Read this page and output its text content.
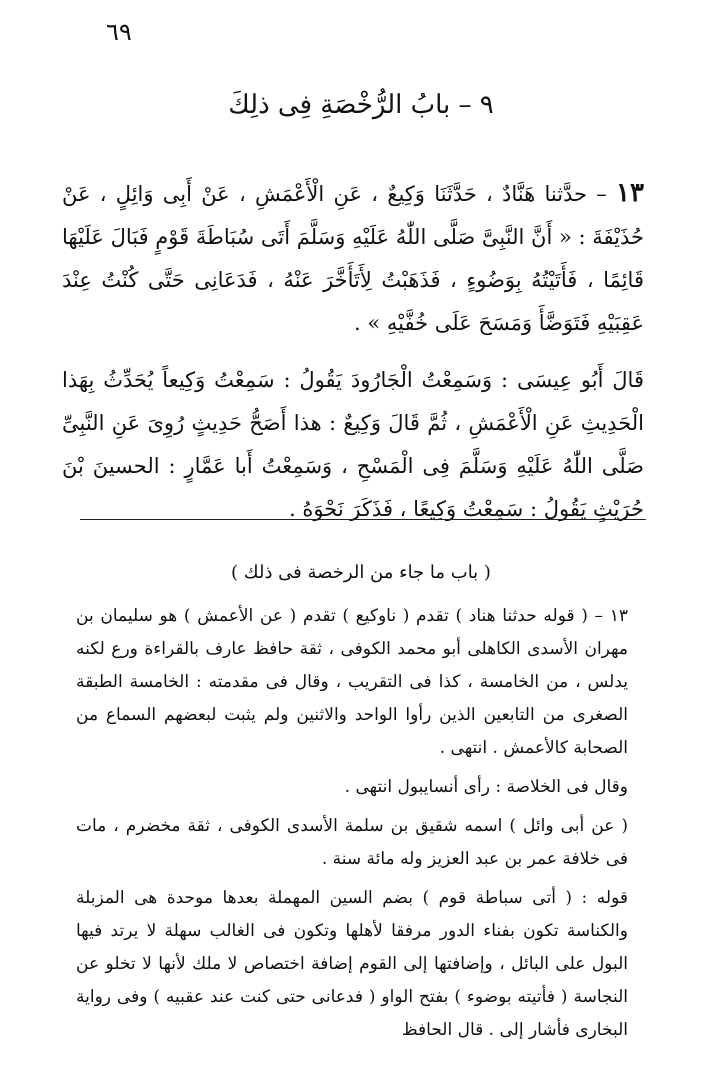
٦٩
٩ – بابُ الرُّخْصَةِ فِى ذلِكَ

١٣ – حدَّثنا هَنَّادٌ ، حَدَّثَنَا وَكِيعٌ ، عَنِ الْأَعْمَشِ ، عَنْ أَبِى وَائِلٍ ، عَنْ حُذَيْفَةَ : « أَنَّ النَّبِىَّ صَلَّى اللّٰهُ عَلَيْهِ وَسَلَّمَ أَتَى سُبَاطَةَ قَوْمٍ فَبَالَ عَلَيْهَا قَائِمًا ، فَأَتَيْتُهُ بِوَضُوءٍ ، فَذَهَبْتُ لِأَتَأَخَّرَ عَنْهُ ، فَدَعَانِى حَتَّى كُنْتُ عِنْدَ عَقِبَيْهِ فَتَوَضَّأَ وَمَسَحَ عَلَى خُفَّيْهِ » .

قَالَ أَبُو عِيسَى : وَسَمِعْتُ الْجَارُودَ يَقُولُ : سَمِعْتُ وَكِيعاً يُحَدِّثُ بِهَذا الْحَدِيثِ عَنِ الْأَعْمَشِ ، ثُمَّ قَالَ وَكِيعٌ : هذا أَصَحُّ حَدِيثٍ رُوِىَ عَنِ النَّبِىِّ صَلَّى اللّٰهُ عَلَيْهِ وَسَلَّمَ فِى الْمَسْحِ ، وَسَمِعْتُ أَبا عَمَّارٍ : الحسينَ بْنَ حُرَيْثٍ يَقُولُ : سَمِعْتُ وَكِيعًا ، فَذَكَرَ نَحْوَهُ .

( باب ما جاء من الرخصة فى ذلك )

١٣ – ( قوله حدثنا هناد ) تقدم ( ناوكيع ) تقدم ( عن الأعمش ) هو سليمان بن مهران الأسدى الكاهلى أبو محمد الكوفى ، ثقة حافظ عارف بالقراءة ورع لكنه يدلس ، من الخامسة ، كذا فى التقريب ، وقال فى مقدمته : الخامسة الطبقة الصغرى من التابعين الذين رأوا الواحد والاثنين ولم يثبت لبعضهم السماع من الصحابة كالأعمش . انتهى .

وقال فى الخلاصة : رأى أنسايبول انتهى .

( عن أبى وائل ) اسمه شقيق بن سلمة الأسدى الكوفى ، ثقة مخضرم ، مات فى خلافة عمر بن عبد العزيز وله مائة سنة .

قوله : ( أتى سباطة قوم ) بضم السين المهملة بعدها موحدة هى المزبلة والكناسة تكون بفناء الدور مرفقا لأهلها وتكون فى الغالب سهلة لا يرتد فيها البول على البائل ، وإضافتها إلى القوم إضافة اختصاص لا ملك لأنها لا تخلو عن النجاسة ( فأتيته بوضوء ) بفتح الواو ( فدعانى حتى كنت عند عقبيه ) وفى رواية البخارى فأشار إلى . قال الحافظ
